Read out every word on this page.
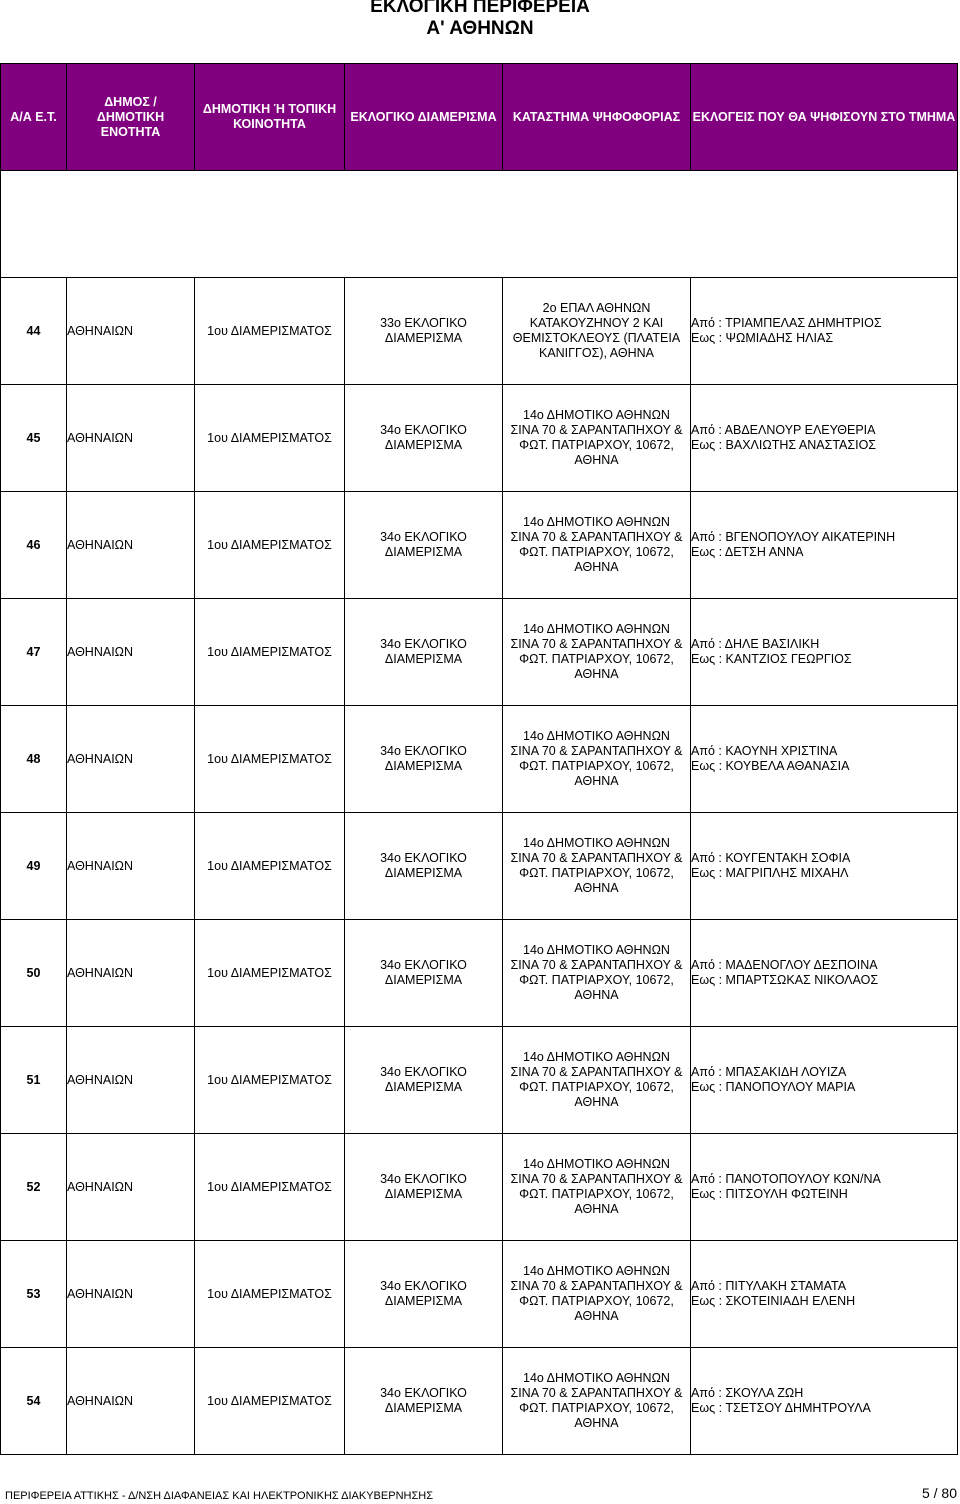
ΕΚΛΟΓΙΚΗ ΠΕΡΙΦΕΡΕΙΑ
Α' ΑΘΗΝΩΝ
Α/Α Ε.Τ.	ΔΗΜΟΣ /
ΔΗΜΟΤΙΚΗ ΕΝΟΤΗΤΑ	ΔΗΜΟΤΙΚΗ Ή ΤΟΠΙΚΗ
ΚΟΙΝΟΤΗΤΑ	ΕΚΛΟΓΙΚΟ ΔΙΑΜΕΡΙΣΜΑ	ΚΑΤΑΣΤΗΜΑ ΨΗΦΟΦΟΡΙΑΣ	ΕΚΛΟΓΕΙΣ ΠΟΥ ΘΑ ΨΗΦΙΣΟΥΝ ΣΤΟ ΤΜΗΜΑ

44	ΑΘΗΝΑΙΩΝ	1ου ΔΙΑΜΕΡΙΣΜΑΤΟΣ	33ο ΕΚΛΟΓΙΚΟ
ΔΙΑΜΕΡΙΣΜΑ	2ο ΕΠΑΛ ΑΘΗΝΩΝ
ΚΑΤΑΚΟΥΖΗΝΟΥ 2 ΚΑΙ
ΘΕΜΙΣΤΟΚΛΕΟΥΣ (ΠΛΑΤΕΙΑ
ΚΑΝΙΓΓΟΣ), ΑΘΗΝΑ	Από : ΤΡΙΑΜΠΕΛΑΣ ΔΗΜΗΤΡΙΟΣ
Εως : ΨΩΜΙΑΔΗΣ ΗΛΙΑΣ

45	ΑΘΗΝΑΙΩΝ	1ου ΔΙΑΜΕΡΙΣΜΑΤΟΣ	34ο ΕΚΛΟΓΙΚΟ
ΔΙΑΜΕΡΙΣΜΑ	14ο ΔΗΜΟΤΙΚΟ ΑΘΗΝΩΝ
ΣΙΝΑ 70 & ΣΑΡΑΝΤΑΠΗΧΟΥ &
ΦΩΤ. ΠΑΤΡΙΑΡΧΟΥ, 10672,
ΑΘΗΝΑ	Από : ΑΒΔΕΛΝΟΥΡ ΕΛΕΥΘΕΡΙΑ
Εως : ΒΑΧΛΙΩΤΗΣ ΑΝΑΣΤΑΣΙΟΣ

46	ΑΘΗΝΑΙΩΝ	1ου ΔΙΑΜΕΡΙΣΜΑΤΟΣ	34ο ΕΚΛΟΓΙΚΟ
ΔΙΑΜΕΡΙΣΜΑ	14ο ΔΗΜΟΤΙΚΟ ΑΘΗΝΩΝ
ΣΙΝΑ 70 & ΣΑΡΑΝΤΑΠΗΧΟΥ &
ΦΩΤ. ΠΑΤΡΙΑΡΧΟΥ, 10672,
ΑΘΗΝΑ	Από : ΒΓΕΝΟΠΟΥΛΟΥ ΑΙΚΑΤΕΡΙΝΗ
Εως : ΔΕΤΣΗ ΑΝΝΑ

47	ΑΘΗΝΑΙΩΝ	1ου ΔΙΑΜΕΡΙΣΜΑΤΟΣ	34ο ΕΚΛΟΓΙΚΟ
ΔΙΑΜΕΡΙΣΜΑ	14ο ΔΗΜΟΤΙΚΟ ΑΘΗΝΩΝ
ΣΙΝΑ 70 & ΣΑΡΑΝΤΑΠΗΧΟΥ &
ΦΩΤ. ΠΑΤΡΙΑΡΧΟΥ, 10672,
ΑΘΗΝΑ	Από : ΔΗΛΕ ΒΑΣΙΛΙΚΗ
Εως : ΚΑΝΤΖΙΟΣ ΓΕΩΡΓΙΟΣ

48	ΑΘΗΝΑΙΩΝ	1ου ΔΙΑΜΕΡΙΣΜΑΤΟΣ	34ο ΕΚΛΟΓΙΚΟ
ΔΙΑΜΕΡΙΣΜΑ	14ο ΔΗΜΟΤΙΚΟ ΑΘΗΝΩΝ
ΣΙΝΑ 70 & ΣΑΡΑΝΤΑΠΗΧΟΥ &
ΦΩΤ. ΠΑΤΡΙΑΡΧΟΥ, 10672,
ΑΘΗΝΑ	Από : ΚΑΟΥΝΗ ΧΡΙΣΤΙΝΑ
Εως : ΚΟΥΒΕΛΑ ΑΘΑΝΑΣΙΑ

49	ΑΘΗΝΑΙΩΝ	1ου ΔΙΑΜΕΡΙΣΜΑΤΟΣ	34ο ΕΚΛΟΓΙΚΟ
ΔΙΑΜΕΡΙΣΜΑ	14ο ΔΗΜΟΤΙΚΟ ΑΘΗΝΩΝ
ΣΙΝΑ 70 & ΣΑΡΑΝΤΑΠΗΧΟΥ &
ΦΩΤ. ΠΑΤΡΙΑΡΧΟΥ, 10672,
ΑΘΗΝΑ	Από : ΚΟΥΓΕΝΤΑΚΗ ΣΟΦΙΑ
Εως : ΜΑΓΡΙΠΛΗΣ ΜΙΧΑΗΛ

50	ΑΘΗΝΑΙΩΝ	1ου ΔΙΑΜΕΡΙΣΜΑΤΟΣ	34ο ΕΚΛΟΓΙΚΟ
ΔΙΑΜΕΡΙΣΜΑ	14ο ΔΗΜΟΤΙΚΟ ΑΘΗΝΩΝ
ΣΙΝΑ 70 & ΣΑΡΑΝΤΑΠΗΧΟΥ &
ΦΩΤ. ΠΑΤΡΙΑΡΧΟΥ, 10672,
ΑΘΗΝΑ	Από : ΜΑΔΕΝΟΓΛΟΥ ΔΕΣΠΟΙΝΑ
Εως : ΜΠΑΡΤΣΩΚΑΣ ΝΙΚΟΛΑΟΣ

51	ΑΘΗΝΑΙΩΝ	1ου ΔΙΑΜΕΡΙΣΜΑΤΟΣ	34ο ΕΚΛΟΓΙΚΟ
ΔΙΑΜΕΡΙΣΜΑ	14ο ΔΗΜΟΤΙΚΟ ΑΘΗΝΩΝ
ΣΙΝΑ 70 & ΣΑΡΑΝΤΑΠΗΧΟΥ &
ΦΩΤ. ΠΑΤΡΙΑΡΧΟΥ, 10672,
ΑΘΗΝΑ	Από : ΜΠΑΣΑΚΙΔΗ ΛΟΥΙΖΑ
Εως : ΠΑΝΟΠΟΥΛΟΥ ΜΑΡΙΑ

52	ΑΘΗΝΑΙΩΝ	1ου ΔΙΑΜΕΡΙΣΜΑΤΟΣ	34ο ΕΚΛΟΓΙΚΟ
ΔΙΑΜΕΡΙΣΜΑ	14ο ΔΗΜΟΤΙΚΟ ΑΘΗΝΩΝ
ΣΙΝΑ 70 & ΣΑΡΑΝΤΑΠΗΧΟΥ &
ΦΩΤ. ΠΑΤΡΙΑΡΧΟΥ, 10672,
ΑΘΗΝΑ	Από : ΠΑΝΟΤΟΠΟΥΛΟΥ ΚΩΝ/ΝΑ
Εως : ΠΙΤΣΟΥΛΗ ΦΩΤΕΙΝΗ

53	ΑΘΗΝΑΙΩΝ	1ου ΔΙΑΜΕΡΙΣΜΑΤΟΣ	34ο ΕΚΛΟΓΙΚΟ
ΔΙΑΜΕΡΙΣΜΑ	14ο ΔΗΜΟΤΙΚΟ ΑΘΗΝΩΝ
ΣΙΝΑ 70 & ΣΑΡΑΝΤΑΠΗΧΟΥ &
ΦΩΤ. ΠΑΤΡΙΑΡΧΟΥ, 10672,
ΑΘΗΝΑ	Από : ΠΙΤΥΛΑΚΗ ΣΤΑΜΑΤΑ
Εως : ΣΚΟΤΕΙΝΙΑΔΗ ΕΛΕΝΗ

54	ΑΘΗΝΑΙΩΝ	1ου ΔΙΑΜΕΡΙΣΜΑΤΟΣ	34ο ΕΚΛΟΓΙΚΟ
ΔΙΑΜΕΡΙΣΜΑ	14ο ΔΗΜΟΤΙΚΟ ΑΘΗΝΩΝ
ΣΙΝΑ 70 & ΣΑΡΑΝΤΑΠΗΧΟΥ &
ΦΩΤ. ΠΑΤΡΙΑΡΧΟΥ, 10672,
ΑΘΗΝΑ	Από : ΣΚΟΥΛΑ ΖΩΗ
Εως : ΤΣΕΤΣΟΥ ΔΗΜΗΤΡΟΥΛΑ
ΠΕΡΙΦΕΡΕΙΑ ΑΤΤΙΚΗΣ - Δ/ΝΣΗ ΔΙΑΦΑΝΕΙΑΣ ΚΑΙ ΗΛΕΚΤΡΟΝΙΚΗΣ ΔΙΑΚΥΒΕΡΝΗΣΗΣ	5 / 80
